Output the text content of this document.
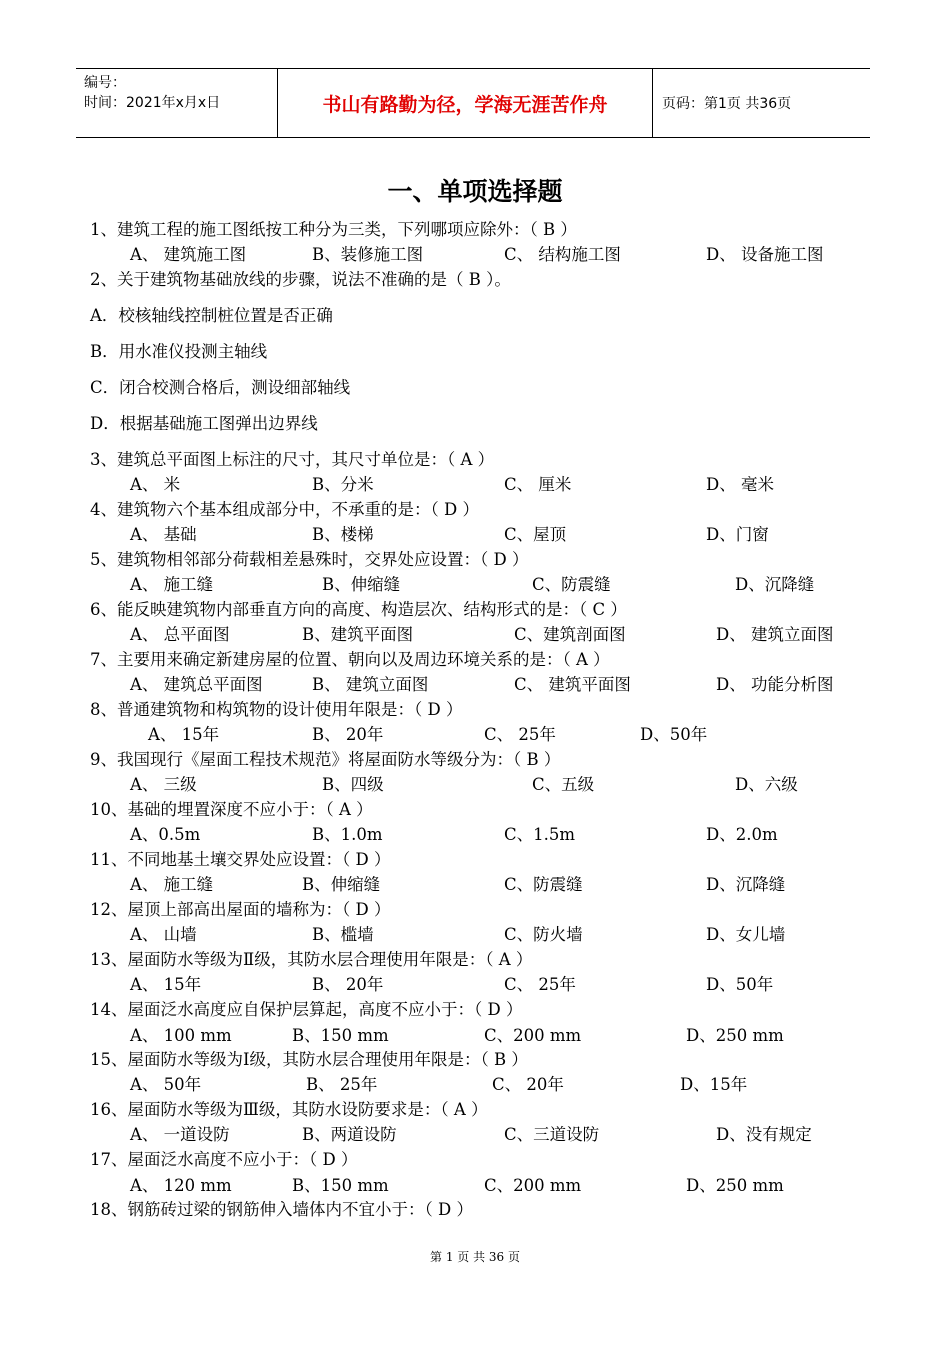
编号：
时间：2021年x月x日	书山有路勤为径，学海无涯苦作舟	页码：第1页 共36页
一、单项选择题
1、建筑工程的施工图纸按工种分为三类，下列哪项应除外：（ B ）
2、关于建筑物基础放线的步骤，说法不准确的是（ B ）。
A．校核轴线控制桩位置是否正确
B．用水准仪投测主轴线
C．闭合校测合格后，测设细部轴线
D．根据基础施工图弹出边界线
3、建筑总平面图上标注的尺寸，其尺寸单位是：（ A ）
4、建筑物六个基本组成部分中，不承重的是：（ D ）
5、建筑物相邻部分荷载相差悬殊时，交界处应设置：（ D ）
6、能反映建筑物内部垂直方向的高度、构造层次、结构形式的是：（ C ）
7、主要用来确定新建房屋的位置、朝向以及周边环境关系的是：（ A ）
8、普通建筑物和构筑物的设计使用年限是：（ D ）
9、我国现行《屋面工程技术规范》将屋面防水等级分为：（ B ）
10、基础的埋置深度不应小于：（ A ）
11、不同地基土壤交界处应设置：（ D ）
12、屋顶上部高出屋面的墙称为：（ D ）
13、屋面防水等级为Ⅱ级，其防水层合理使用年限是：（ A ）
14、屋面泛水高度应自保护层算起，高度不应小于：（ D ）
15、屋面防水等级为Ⅰ级，其防水层合理使用年限是：（ B ）
16、屋面防水等级为Ⅲ级，其防水设防要求是：（ A ）
17、屋面泛水高度不应小于：（ D ）
18、钢筋砖过梁的钢筋伸入墙体内不宜小于：（ D ）
A、 建筑施工图	B、装修施工图	C、 结构施工图	D、 设备施工图
A、 米	B、分米	C、 厘米	D、 毫米
A、 基础	B、楼梯	C、屋顶	D、门窗
A、 施工缝	B、伸缩缝	C、防震缝	D、沉降缝
A、 总平面图	B、建筑平面图	C、建筑剖面图	D、 建筑立面图
A、 建筑总平面图	B、 建筑立面图	C、 建筑平面图	D、 功能分析图
A、 15年	B、 20年	C、 25年	D、50年
A、 三级	B、四级	C、五级	D、六级
A、0.5m	B、1.0m	C、1.5m	D、2.0m
A、 施工缝	B、伸缩缝	C、防震缝	D、沉降缝
A、 山墙	B、槛墙	C、防火墙	D、女儿墙
A、 15年	B、 20年	C、 25年	D、50年
A、 100 mm	B、150 mm	C、200 mm	D、250 mm
A、 50年	B、 25年	C、 20年	D、15年
A、 一道设防	B、两道设防	C、三道设防	D、没有规定
A、 120 mm	B、150 mm	C、200 mm	D、250 mm
第 1 页 共 36 页
